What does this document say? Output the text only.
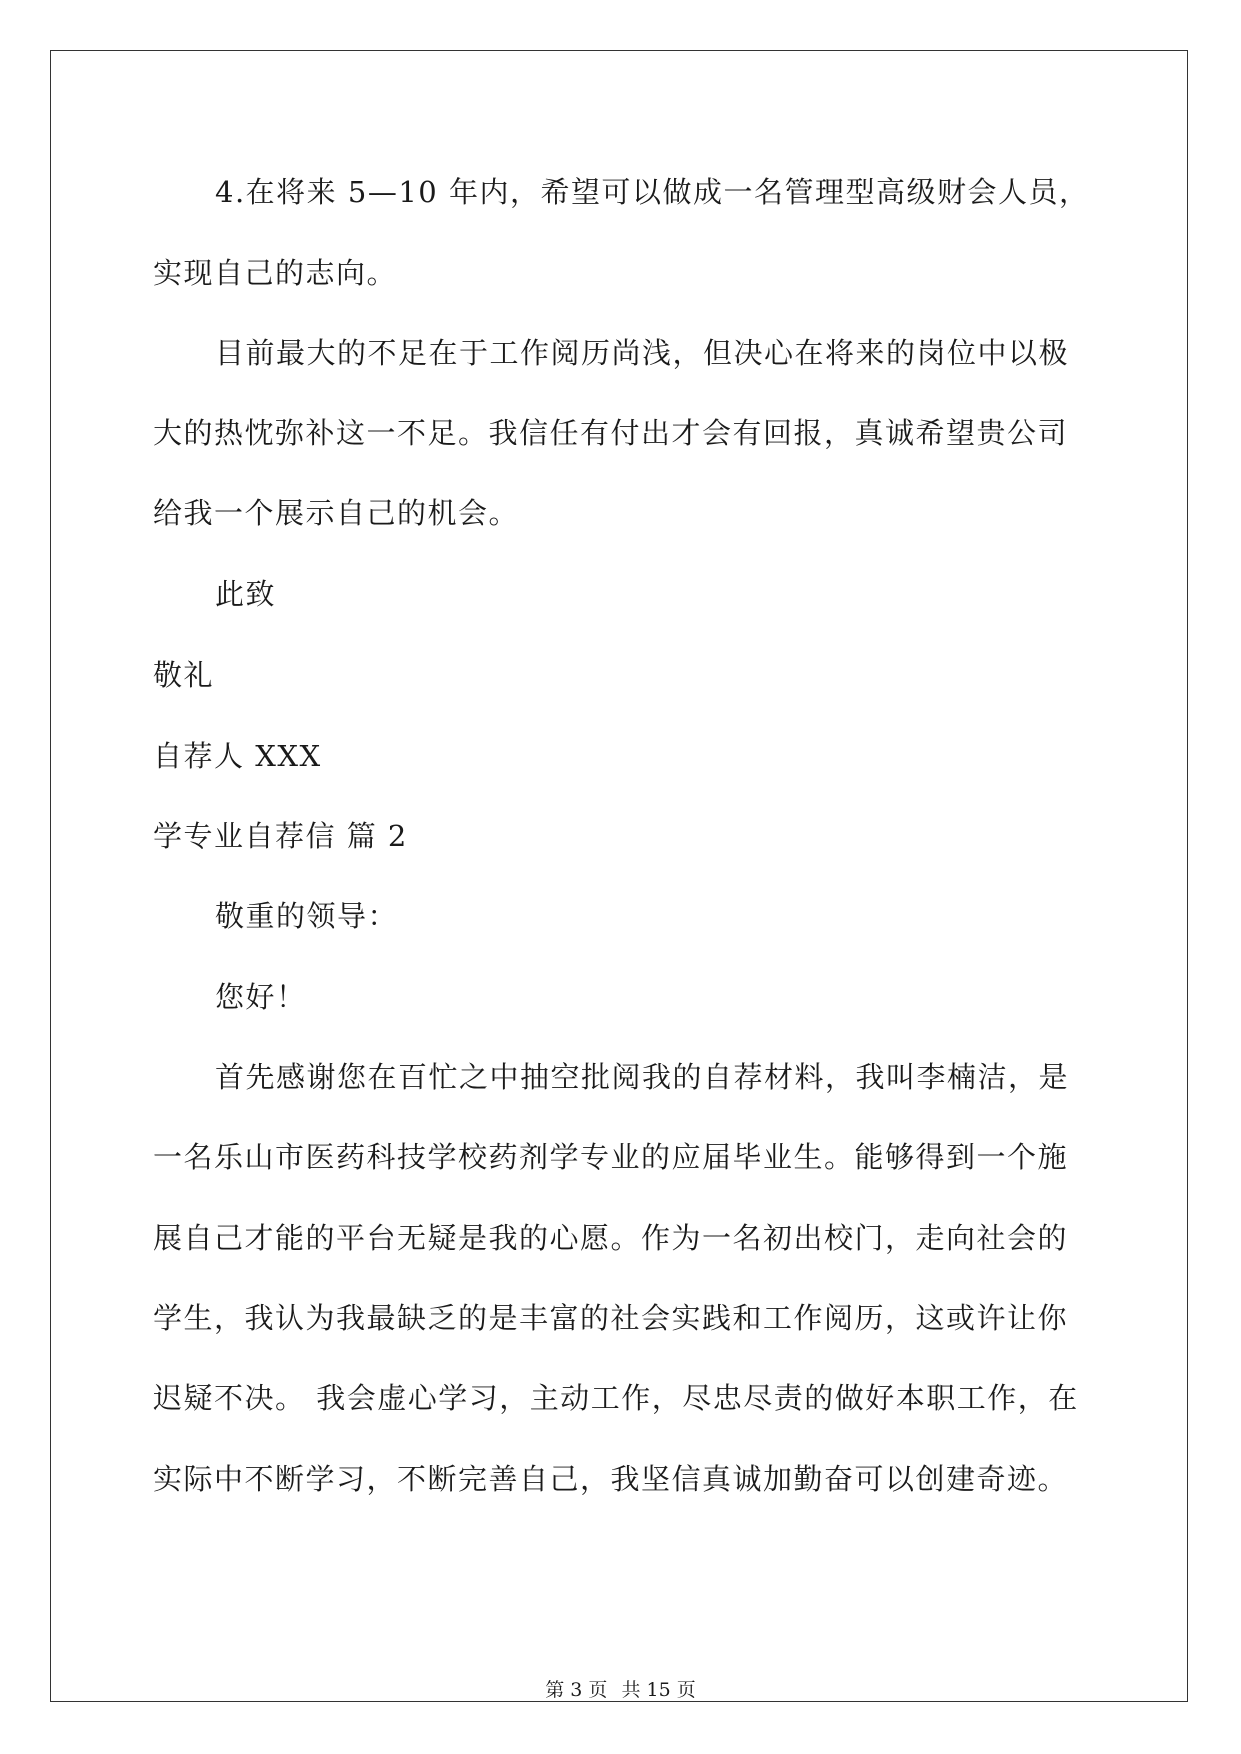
4.在将来 5—10 年内，希望可以做成一名管理型高级财会人员，
实现自己的志向。
目前最大的不足在于工作阅历尚浅，但决心在将来的岗位中以极
大的热忱弥补这一不足。我信任有付出才会有回报，真诚希望贵公司
给我一个展示自己的机会。
此致
敬礼
自荐人 XXX
学专业自荐信 篇 2
敬重的领导：
您好！
首先感谢您在百忙之中抽空批阅我的自荐材料，我叫李楠洁，是
一名乐山市医药科技学校药剂学专业的应届毕业生。能够得到一个施
展自己才能的平台无疑是我的心愿。作为一名初出校门，走向社会的
学生，我认为我最缺乏的是丰富的社会实践和工作阅历，这或许让你
迟疑不决。 我会虚心学习，主动工作，尽忠尽责的做好本职工作，在
实际中不断学习，不断完善自己，我坚信真诚加勤奋可以创建奇迹。
第 3 页 共 15 页
